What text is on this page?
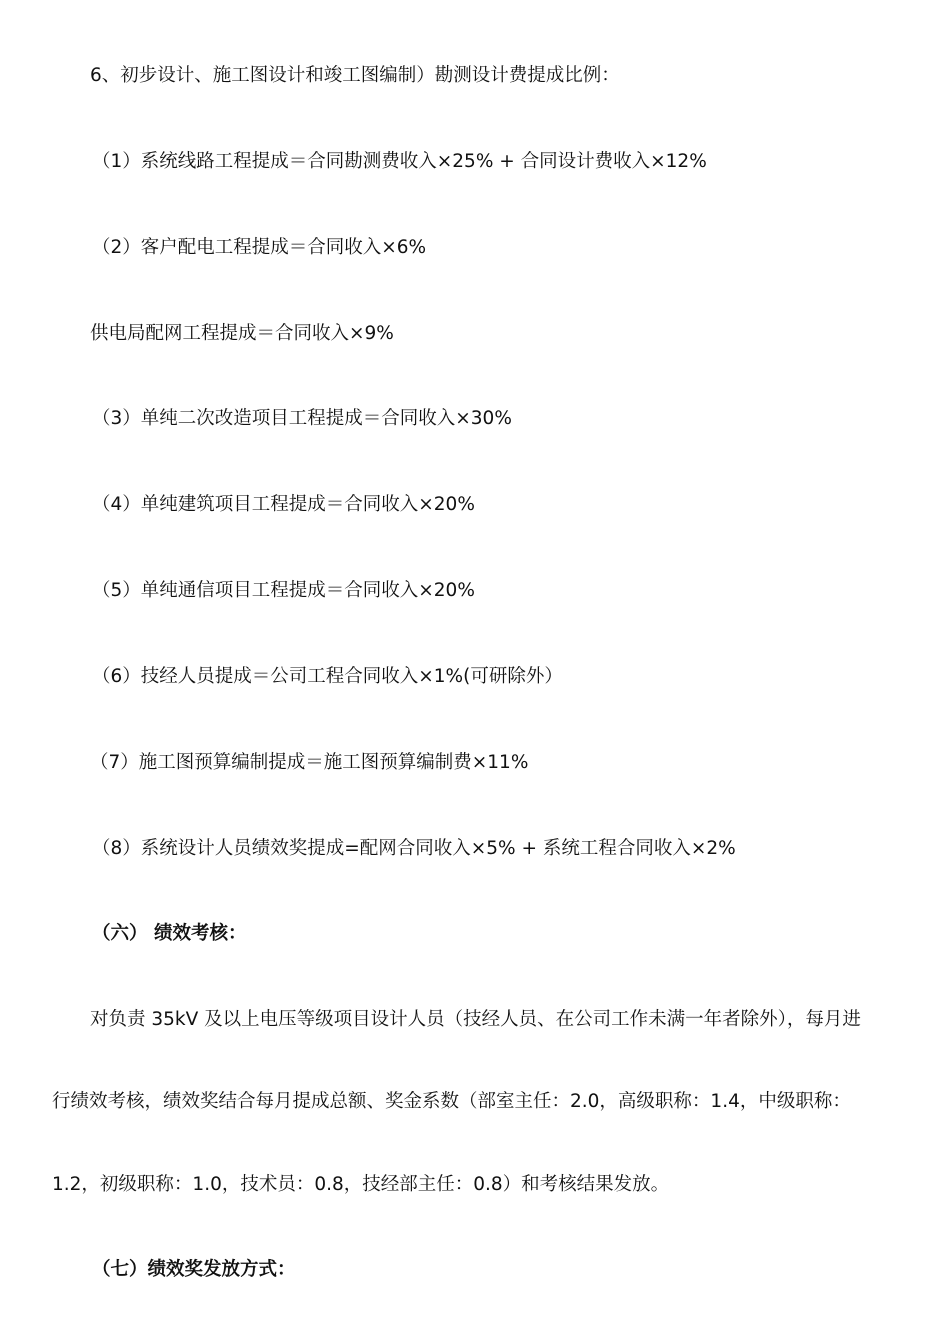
6、初步设计、施工图设计和竣工图编制）勘测设计费提成比例：
（1）系统线路工程提成＝合同勘测费收入×25% + 合同设计费收入×12%
（2）客户配电工程提成＝合同收入×6%
供电局配网工程提成＝合同收入×9%
（3）单纯二次改造项目工程提成＝合同收入×30%
（4）单纯建筑项目工程提成＝合同收入×20%
（5）单纯通信项目工程提成＝合同收入×20%
（6）技经人员提成＝公司工程合同收入×1%(可研除外）
（7）施工图预算编制提成＝施工图预算编制费×11%
（8）系统设计人员绩效奖提成=配网合同收入×5% + 系统工程合同收入×2%
（六） 绩效考核：
对负责 35kV 及以上电压等级项目设计人员（技经人员、在公司工作未满一年者除外），每月进
行绩效考核，绩效奖结合每月提成总额、奖金系数（部室主任：2.0，高级职称：1.4，中级职称：
1.2，初级职称：1.0，技术员：0.8，技经部主任：0.8）和考核结果发放。
（七）绩效奖发放方式：
